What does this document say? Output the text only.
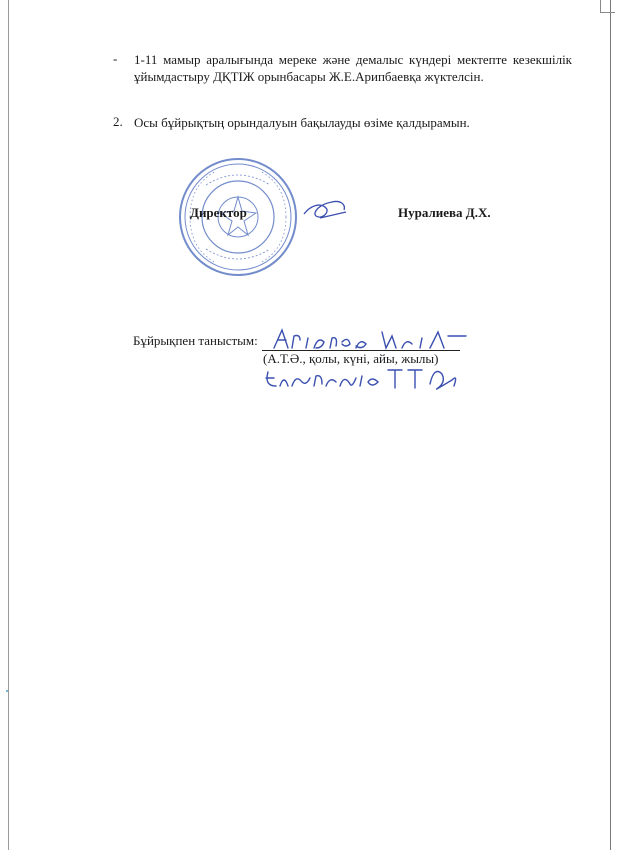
- 1-11 мамыр аралығында мереке және демалыс күндері мектепте кезекшілік ұйымдастыру ДҚТІЖ орынбасары Ж.Е.Арипбаевқа жүктелсін.
2. Осы бұйрықтың орындалуын бақылауды өзіме қалдырамын.
Директор	Нуралиева Д.Х.
Бұйрықпен таныстым:
(А.Т.Ә., қолы, күні, айы, жылы)
